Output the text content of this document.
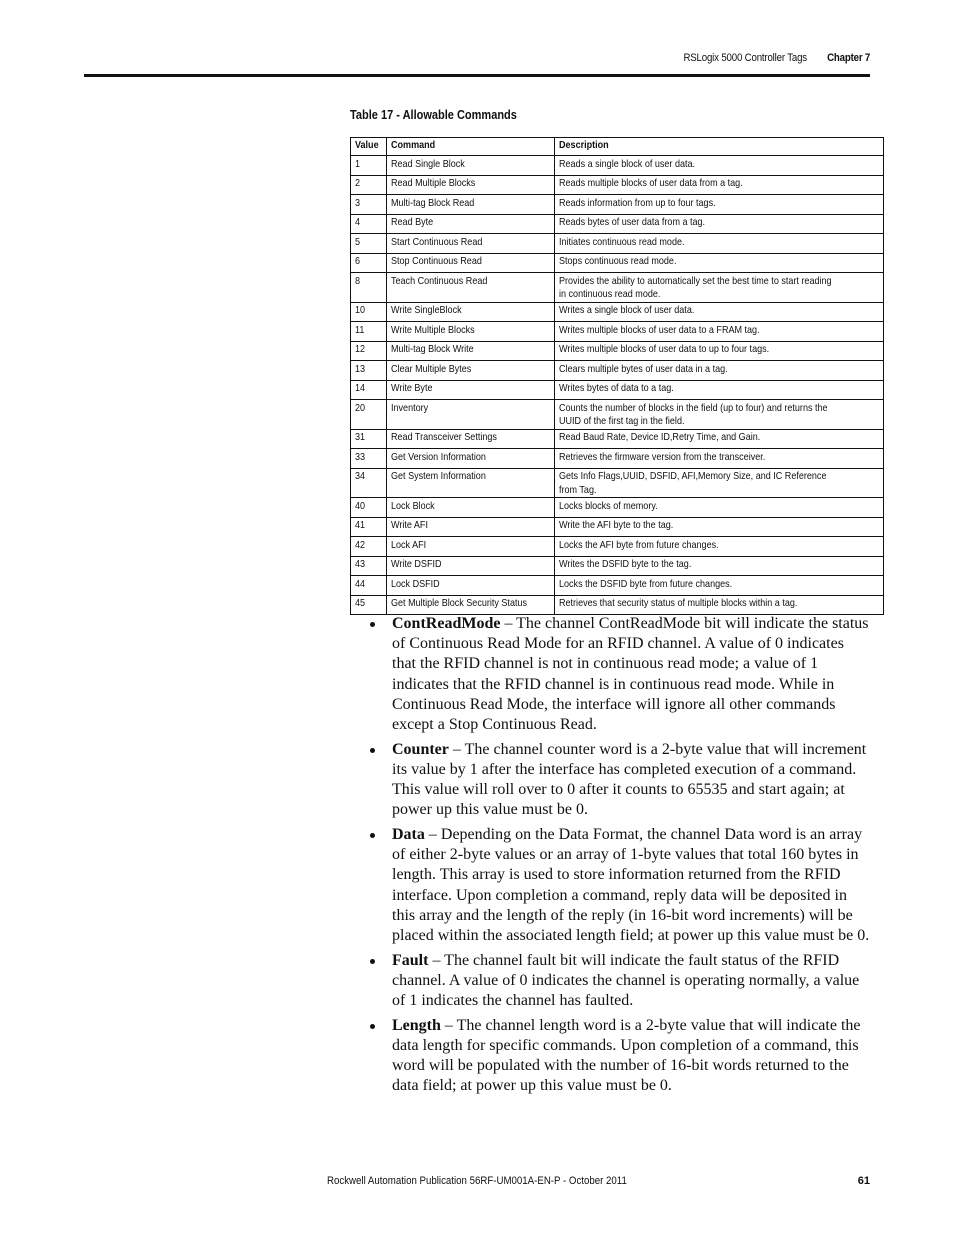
RSLogix 5000 Controller Tags Chapter 7
Table 17 - Allowable Commands
Value	Command	Description
1	Read Single Block	Reads a single block of user data.
2	Read Multiple Blocks	Reads multiple blocks of user data from a tag.
3	Multi-tag Block Read	Reads information from up to four tags.
4	Read Byte	Reads bytes of user data from a tag.
5	Start Continuous Read	Initiates continuous read mode.
6	Stop Continuous Read	Stops continuous read mode.
8	Teach Continuous Read	Provides the ability to automatically set the best time to start reading in continuous read mode.
10	Write SingleBlock	Writes a single block of user data.
11	Write Multiple Blocks	Writes multiple blocks of user data to a FRAM tag.
12	Multi-tag Block Write	Writes multiple blocks of user data to up to four tags.
13	Clear Multiple Bytes	Clears multiple bytes of user data in a tag.
14	Write Byte	Writes bytes of data to a tag.
20	Inventory	Counts the number of blocks in the field (up to four) and returns the UUID of the first tag in the field.
31	Read Transceiver Settings	Read Baud Rate, Device ID,Retry Time, and Gain.
33	Get Version Information	Retrieves the firmware version from the transceiver.
34	Get System Information	Gets Info Flags,UUID, DSFID, AFI,Memory Size, and IC Reference from Tag.
40	Lock Block	Locks blocks of memory.
41	Write AFI	Write the AFI byte to the tag.
42	Lock AFI	Locks the AFI byte from future changes.
43	Write DSFID	Writes the DSFID byte to the tag.
44	Lock DSFID	Locks the DSFID byte from future changes.
45	Get Multiple Block Security Status	Retrieves that security status of multiple blocks within a tag.
ContReadMode – The channel ContReadMode bit will indicate the status of Continuous Read Mode for an RFID channel. A value of 0 indicates that the RFID channel is not in continuous read mode; a value of 1 indicates that the RFID channel is in continuous read mode. While in Continuous Read Mode, the interface will ignore all other commands except a Stop Continuous Read.
Counter – The channel counter word is a 2-byte value that will increment its value by 1 after the interface has completed execution of a command. This value will roll over to 0 after it counts to 65535 and start again; at power up this value must be 0.
Data – Depending on the Data Format, the channel Data word is an array of either 2-byte values or an array of 1-byte values that total 160 bytes in length. This array is used to store information returned from the RFID interface. Upon completion a command, reply data will be deposited in this array and the length of the reply (in 16-bit word increments) will be placed within the associated length field; at power up this value must be 0.
Fault – The channel fault bit will indicate the fault status of the RFID channel. A value of 0 indicates the channel is operating normally, a value of 1 indicates the channel has faulted.
Length – The channel length word is a 2-byte value that will indicate the data length for specific commands. Upon completion of a command, this word will be populated with the number of 16-bit words returned to the data field; at power up this value must be 0.
Rockwell Automation Publication 56RF-UM001A-EN-P - October 2011	61
